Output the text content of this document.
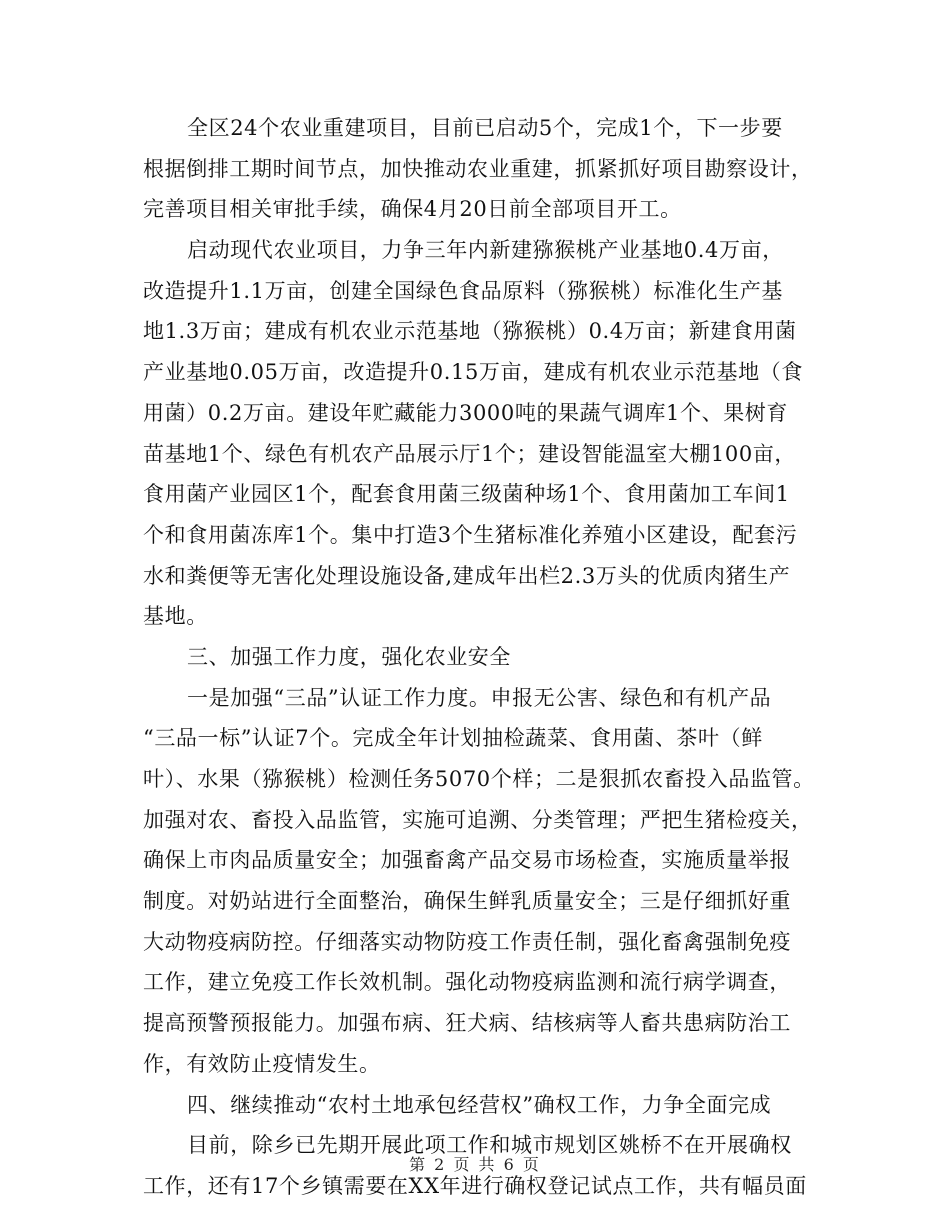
全区24个农业重建项目，目前已启动5个，完成1个，下一步要
根据倒排工期时间节点，加快推动农业重建，抓紧抓好项目勘察设计，
完善项目相关审批手续，确保4月20日前全部项目开工。
启动现代农业项目，力争三年内新建猕猴桃产业基地0.4万亩，
改造提升1.1万亩，创建全国绿色食品原料（猕猴桃）标准化生产基
地1.3万亩；建成有机农业示范基地（猕猴桃）0.4万亩；新建食用菌
产业基地0.05万亩，改造提升0.15万亩，建成有机农业示范基地（食
用菌）0.2万亩。建设年贮藏能力3000吨的果蔬气调库1个、果树育
苗基地1个、绿色有机农产品展示厅1个；建设智能温室大棚100亩，
食用菌产业园区1个，配套食用菌三级菌种场1个、食用菌加工车间1
个和食用菌冻库1个。集中打造3个生猪标准化养殖小区建设，配套污
水和粪便等无害化处理设施设备,建成年出栏2.3万头的优质肉猪生产
基地。
三、加强工作力度，强化农业安全
一是加强“三品”认证工作力度。申报无公害、绿色和有机产品
“三品一标”认证7个。完成全年计划抽检蔬菜、食用菌、茶叶（鲜
叶）、水果（猕猴桃）检测任务5070个样；二是狠抓农畜投入品监管。
加强对农、畜投入品监管，实施可追溯、分类管理；严把生猪检疫关，
确保上市肉品质量安全；加强畜禽产品交易市场检查，实施质量举报
制度。对奶站进行全面整治，确保生鲜乳质量安全；三是仔细抓好重
大动物疫病防控。仔细落实动物防疫工作责任制，强化畜禽强制免疫
工作，建立免疫工作长效机制。强化动物疫病监测和流行病学调查，
提高预警预报能力。加强布病、狂犬病、结核病等人畜共患病防治工
作，有效防止疫情发生。
四、继续推动“农村土地承包经营权”确权工作，力争全面完成
目前，除乡已先期开展此项工作和城市规划区姚桥不在开展确权
工作，还有17个乡镇需要在XX年进行确权登记试点工作，共有幅员面
第 2 页 共 6 页
